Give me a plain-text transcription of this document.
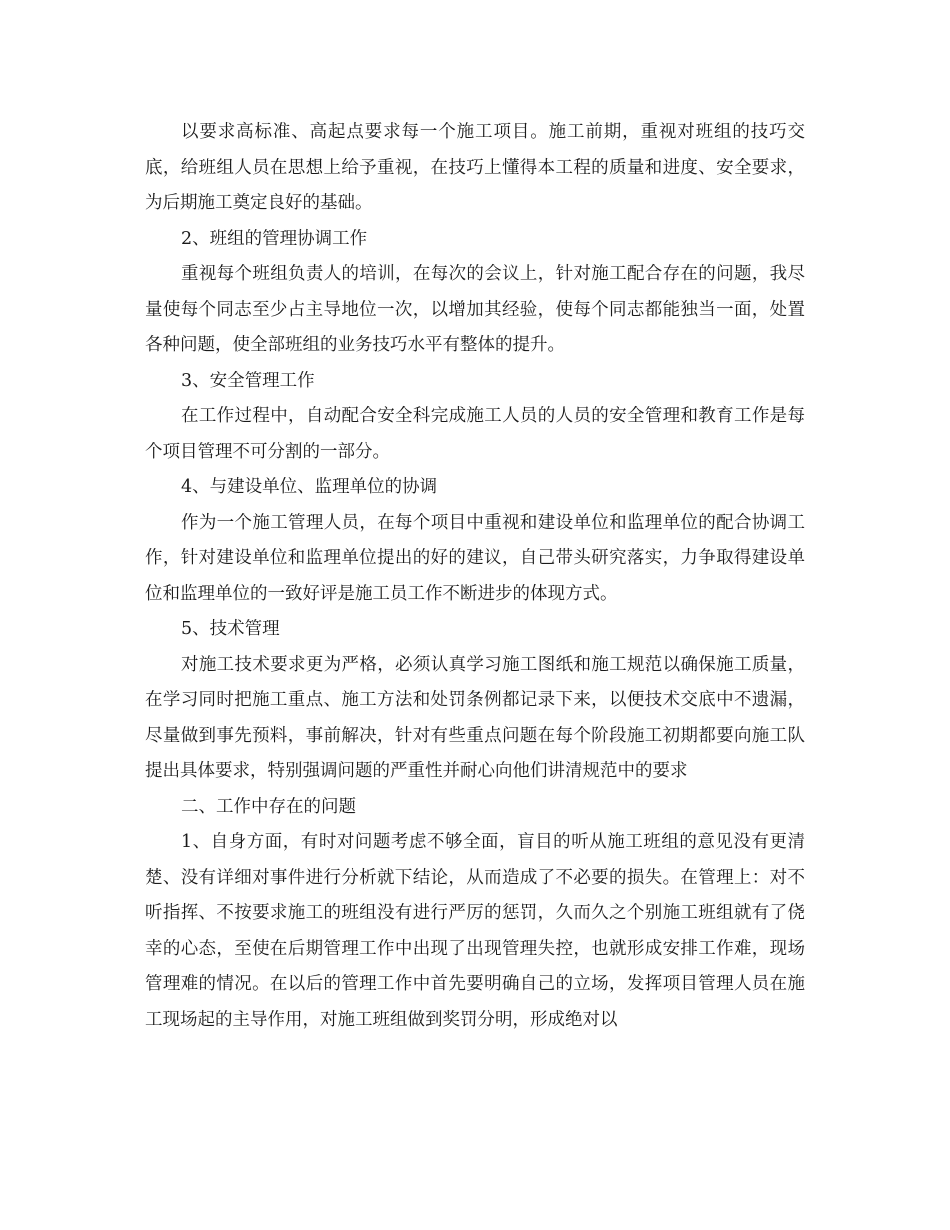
以要求高标准、高起点要求每一个施工项目。施工前期，重视对班组的技巧交底，给班组人员在思想上给予重视，在技巧上懂得本工程的质量和进度、安全要求，为后期施工奠定良好的基础。

2、班组的管理协调工作

重视每个班组负责人的培训，在每次的会议上，针对施工配合存在的问题，我尽量使每个同志至少占主导地位一次，以增加其经验，使每个同志都能独当一面，处置各种问题，使全部班组的业务技巧水平有整体的提升。

3、安全管理工作

在工作过程中，自动配合安全科完成施工人员的人员的安全管理和教育工作是每个项目管理不可分割的一部分。

4、与建设单位、监理单位的协调

作为一个施工管理人员，在每个项目中重视和建设单位和监理单位的配合协调工作，针对建设单位和监理单位提出的好的建议，自己带头研究落实，力争取得建设单位和监理单位的一致好评是施工员工作不断进步的体现方式。

5、技术管理

对施工技术要求更为严格，必须认真学习施工图纸和施工规范以确保施工质量，在学习同时把施工重点、施工方法和处罚条例都记录下来，以便技术交底中不遗漏，尽量做到事先预料，事前解决，针对有些重点问题在每个阶段施工初期都要向施工队提出具体要求，特别强调问题的严重性并耐心向他们讲清规范中的要求

二、工作中存在的问题

1、自身方面，有时对问题考虑不够全面，盲目的听从施工班组的意见没有更清楚、没有详细对事件进行分析就下结论，从而造成了不必要的损失。在管理上：对不听指挥、不按要求施工的班组没有进行严厉的惩罚，久而久之个别施工班组就有了侥幸的心态，至使在后期管理工作中出现了出现管理失控，也就形成安排工作难，现场管理难的情况。在以后的管理工作中首先要明确自己的立场，发挥项目管理人员在施工现场起的主导作用，对施工班组做到奖罚分明，形成绝对以
